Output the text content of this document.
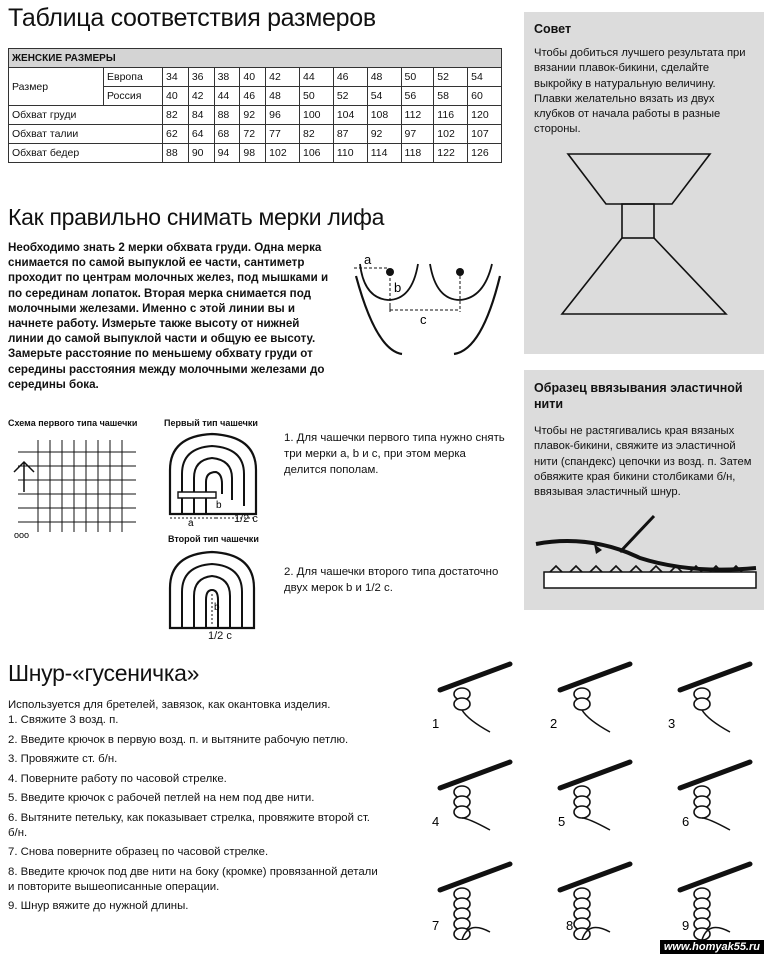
Таблица соответствия размеров
ЖЕНСКИЕ РАЗМЕРЫ												
Размер	Европа	34	36	38	40	42	44	46	48	50	52	54
	Россия	40	42	44	46	48	50	52	54	56	58	60
Обхват груди		82	84	88	92	96	100	104	108	112	116	120
Обхват талии		62	64	68	72	77	82	87	92	97	102	107
Обхват бедер		88	90	94	98	102	106	110	114	118	122	126
Как правильно снимать мерки лифа
Необходимо знать 2 мерки обхвата груди. Одна мерка снимается по самой выпуклой ее части, сантиметр проходит по центрам молочных желез, под мышками и по серединам лопаток. Вторая мерка снимается под молочными железами. Именно с этой линии вы и начнете работу. Измерьте также высоту от нижней линии до самой выпуклой части и общую ее высоту. Замерьте расстояние по меньшему обхвату груди от середины расстояния между молочными железами до середины бока.
a
b
c
Схема первого типа чашечки
ooo
Первый тип чашечки
a
b
1/2 c
Второй тип чашечки
b
1/2 c
1. Для чашечки первого типа нужно снять три мерки a, b и c, при этом мерка делится пополам.
2. Для чашечки второго типа достаточно двух мерок b и 1/2 c.
Совет
Чтобы добиться лучшего результата при вязании плавок-бикини, сделайте выкройку в натуральную величину. Плавки желательно вязать из двух клубков от начала работы в разные стороны.
Образец ввязывания эластичной нити
Чтобы не растягивались края вязаных плавок-бикини, свяжите из эластичной нити (спандекс) цепочки из возд. п. Затем обвяжите края бикини столбиками б/н, ввязывая эластичный шнур.
Шнур-«гусеничка»
Используется для бретелей, завязок, как окантовка изделия.
1. Свяжите 3 возд. п.
2. Введите крючок в первую возд. п. и вытяните рабочую петлю.
3. Провяжите ст. б/н.
4. Поверните работу по часовой стрелке.
5. Введите крючок с рабочей петлей на нем под две нити.
6. Вытяните петельку, как показывает стрелка, провяжите второй ст. б/н.
7. Снова поверните образец по часовой стрелке.
8. Введите крючок под две нити на боку (кромке) провязанной детали и повторите вышеописанные операции.
9. Шнур вяжите до нужной длины.
1	2	3
4	5	6
7	8	9
www.homyak55.ru
